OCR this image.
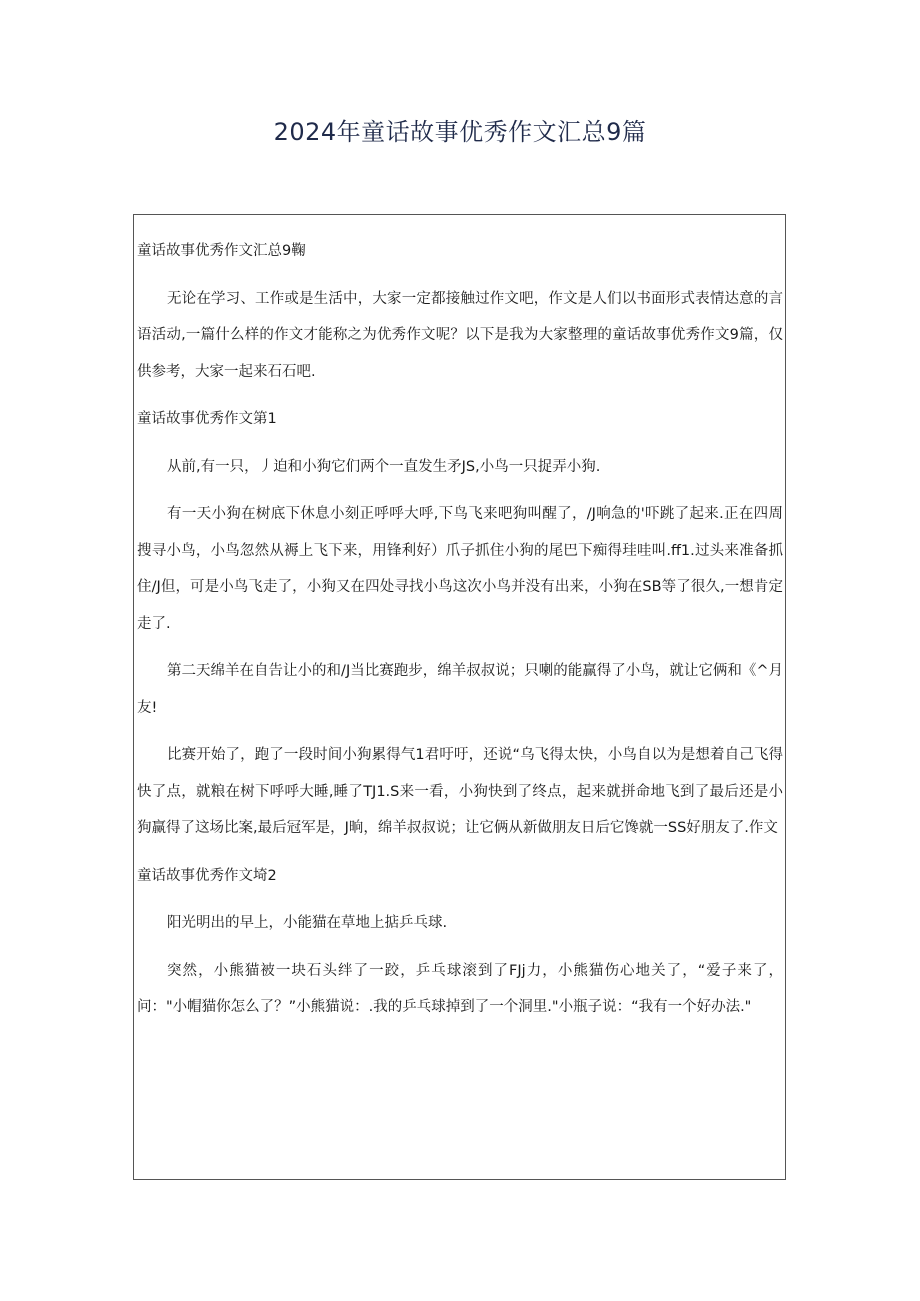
2024年童话故事优秀作文汇总9篇

童话故事优秀作文汇总9鞠

无论在学习、工作或是生活中，大家一定都接触过作文吧，作文是人们以书面形式表情达意的言语活动,一篇什么样的作文才能称之为优秀作文呢？以下是我为大家整理的童话故事优秀作文9篇，仅供参考，大家一起来石石吧.

童话故事优秀作文第1

从前,有一只，丿迫和小狗它们两个一直发生矛JS,小鸟一只捉弄小狗.

有一天小狗在树底下休息小刻正呼呼大呼,下鸟飞来吧狗叫醒了，/J响急的'吓跳了起来.正在四周搜寻小鸟，小鸟忽然从褥上飞下来，用锋利好）爪子抓住小狗的尾巴下痴得珪哇叫.ff1.过头来准备抓住/J但，可是小鸟飞走了，小狗又在四处寻找小鸟这次小鸟并没有出来，小狗在SB等了很久,一想肯定走了.

第二天绵羊在自告让小的和/J当比赛跑步，绵羊叔叔说；只喇的能赢得了小鸟，就让它俩和《^月友!

比赛开始了，跑了一段时间小狗累得气1君吁吁，还说“乌飞得太快，小鸟自以为是想着自己飞得快了点，就粮在树下呼呼大睡,睡了TJ1.S来一看，小狗快到了终点，起来就拼命地飞到了最后还是小狗赢得了这场比案,最后冠军是，J晌，绵羊叔叔说；让它俩从新做朋友日后它馋就一SS好朋友了.作文

童话故事优秀作文埼2

阳光明出的早上，小能猫在草地上掂乒乓球.

突然，小熊猫被一块石头绊了一跤，乒乓球滚到了FJj力，小熊猫伤心地关了，“爱子来了，问："小帽猫你怎么了？”小熊猫说：.我的乒乓球掉到了一个洞里."小瓶子说：“我有一个好办法."
